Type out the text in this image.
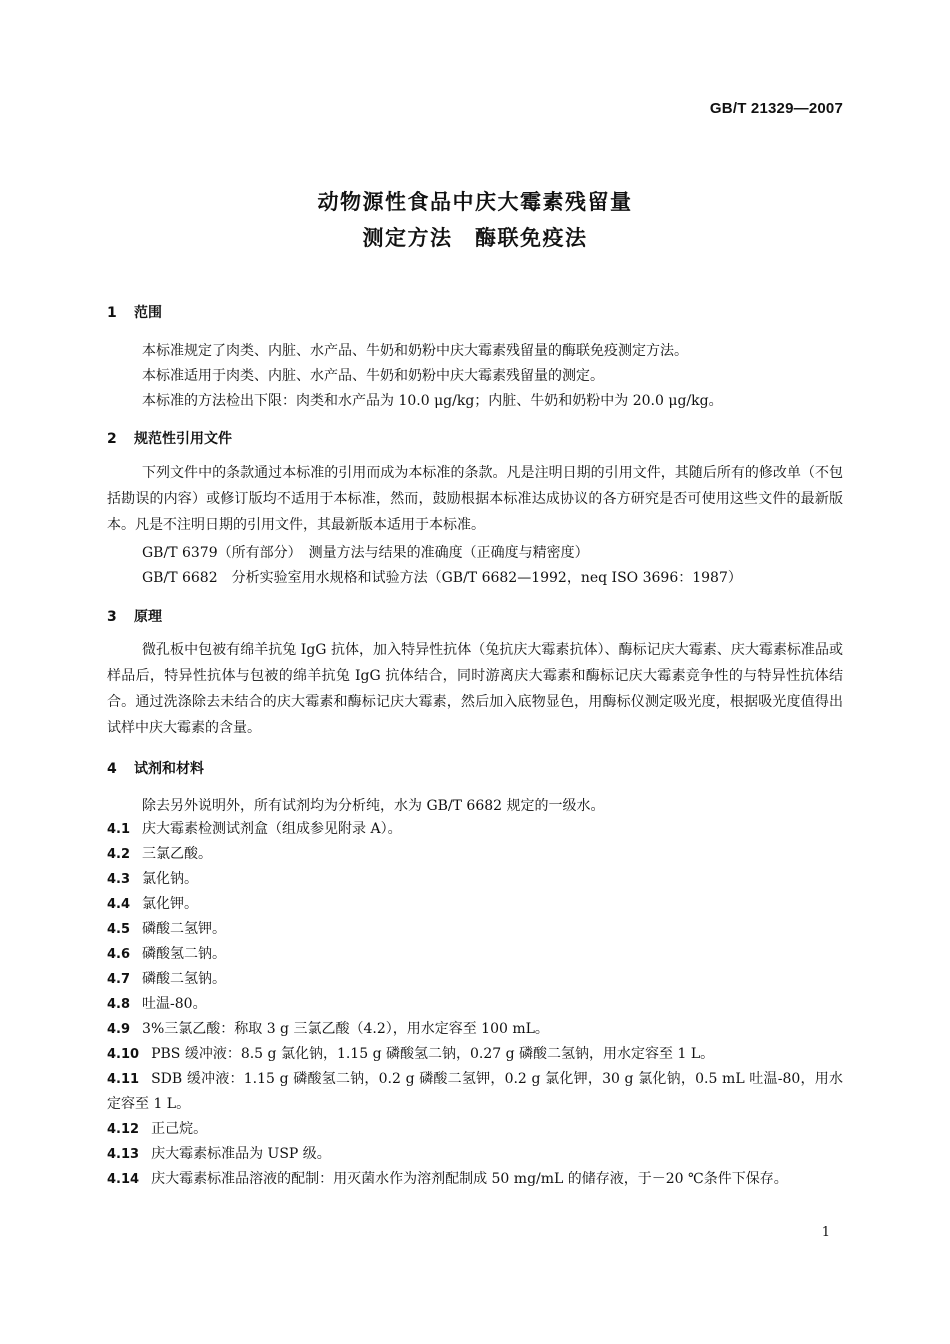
GB/T 21329—2007
动物源性食品中庆大霉素残留量
测定方法　酶联免疫法
1 范围
本标准规定了肉类、内脏、水产品、牛奶和奶粉中庆大霉素残留量的酶联免疫测定方法。
本标准适用于肉类、内脏、水产品、牛奶和奶粉中庆大霉素残留量的测定。
本标准的方法检出下限：肉类和水产品为 10.0 μg/kg；内脏、牛奶和奶粉中为 20.0 μg/kg。
2 规范性引用文件
下列文件中的条款通过本标准的引用而成为本标准的条款。凡是注明日期的引用文件，其随后所有的修改单（不包括勘误的内容）或修订版均不适用于本标准，然而，鼓励根据本标准达成协议的各方研究是否可使用这些文件的最新版本。凡是不注明日期的引用文件，其最新版本适用于本标准。
GB/T 6379（所有部分）　测量方法与结果的准确度（正确度与精密度）
GB/T 6682　分析实验室用水规格和试验方法（GB/T 6682—1992，neq ISO 3696：1987）
3 原理
微孔板中包被有绵羊抗兔 IgG 抗体，加入特异性抗体（兔抗庆大霉素抗体）、酶标记庆大霉素、庆大霉素标准品或样品后，特异性抗体与包被的绵羊抗兔 IgG 抗体结合，同时游离庆大霉素和酶标记庆大霉素竞争性的与特异性抗体结合。通过洗涤除去未结合的庆大霉素和酶标记庆大霉素，然后加入底物显色，用酶标仪测定吸光度，根据吸光度值得出试样中庆大霉素的含量。
4 试剂和材料
除去另外说明外，所有试剂均为分析纯，水为 GB/T 6682 规定的一级水。
4.1 庆大霉素检测试剂盒（组成参见附录 A）。
4.2 三氯乙酸。
4.3 氯化钠。
4.4 氯化钾。
4.5 磷酸二氢钾。
4.6 磷酸氢二钠。
4.7 磷酸二氢钠。
4.8 吐温-80。
4.9 3%三氯乙酸：称取 3 g 三氯乙酸（4.2），用水定容至 100 mL。
4.10 PBS 缓冲液：8.5 g 氯化钠，1.15 g 磷酸氢二钠，0.27 g 磷酸二氢钠，用水定容至 1 L。
4.11 SDB 缓冲液：1.15 g 磷酸氢二钠，0.2 g 磷酸二氢钾，0.2 g 氯化钾，30 g 氯化钠，0.5 mL 吐温-80，用水定容至 1 L。
4.12 正己烷。
4.13 庆大霉素标准品为 USP 级。
4.14 庆大霉素标准品溶液的配制：用灭菌水作为溶剂配制成 50 mg/mL 的储存液，于－20 ℃条件下保存。
1
